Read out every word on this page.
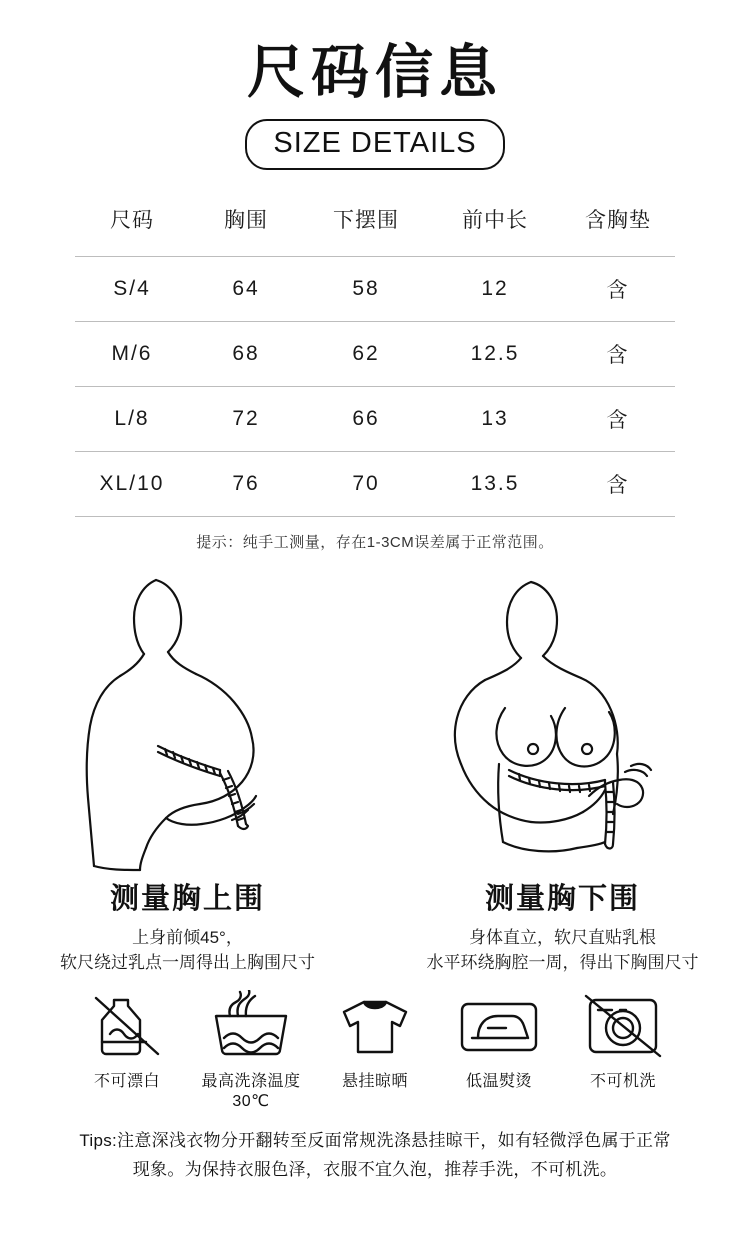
尺码信息
SIZE DETAILS
尺码	胸围	下摆围	前中长	含胸垫
S/4	64	58	12	含
M/6	68	62	12.5	含
L/8	72	66	13	含
XL/10	76	70	13.5	含
提示：纯手工测量，存在1-3CM误差属于正常范围。
测量胸上围
上身前倾45°，
软尺绕过乳点一周得出上胸围尺寸
测量胸下围
身体直立，软尺直贴乳根
水平环绕胸腔一周，得出下胸围尺寸
不可漂白	最高洗涤温度30℃
悬挂晾晒	低温熨烫	不可机洗
Tips:注意深浅衣物分开翻转至反面常规洗涤悬挂晾干，如有轻微浮色属于正常
现象。为保持衣服色泽，衣服不宜久泡，推荐手洗，不可机洗。
